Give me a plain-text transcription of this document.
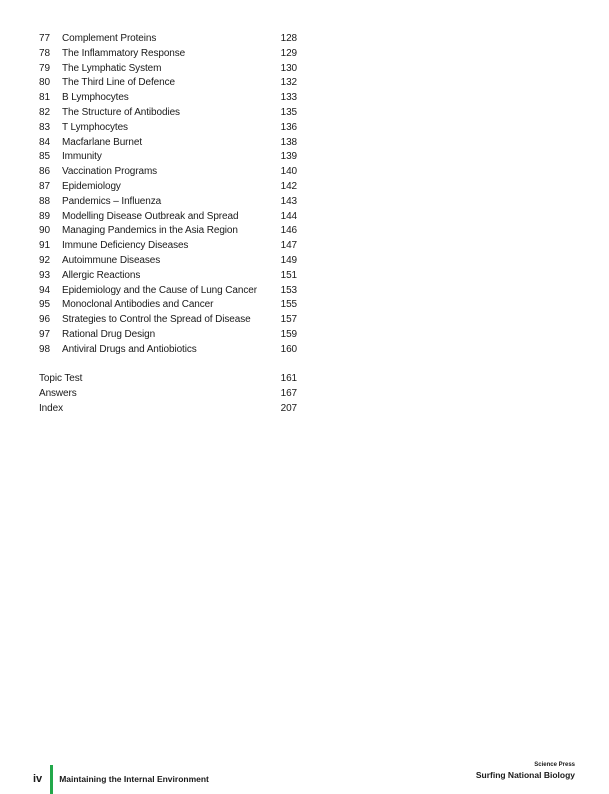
77	Complement Proteins	128
78	The Inflammatory Response	129
79	The Lymphatic System	130
80	The Third Line of Defence	132
81	B Lymphocytes	133
82	The Structure of Antibodies	135
83	T Lymphocytes	136
84	Macfarlane Burnet	138
85	Immunity	139
86	Vaccination Programs	140
87	Epidemiology	142
88	Pandemics – Influenza	143
89	Modelling Disease Outbreak and Spread	144
90	Managing Pandemics in the Asia Region	146
91	Immune Deficiency Diseases	147
92	Autoimmune Diseases	149
93	Allergic Reactions	151
94	Epidemiology and the Cause of Lung Cancer	153
95	Monoclonal Antibodies and Cancer	155
96	Strategies to Control the Spread of Disease	157
97	Rational Drug Design	159
98	Antiviral Drugs and Antiobiotics	160
Topic Test	161
Answers	167
Index	207
iv Maintaining the Internal Environment
Science Press
Surfing National Biology
